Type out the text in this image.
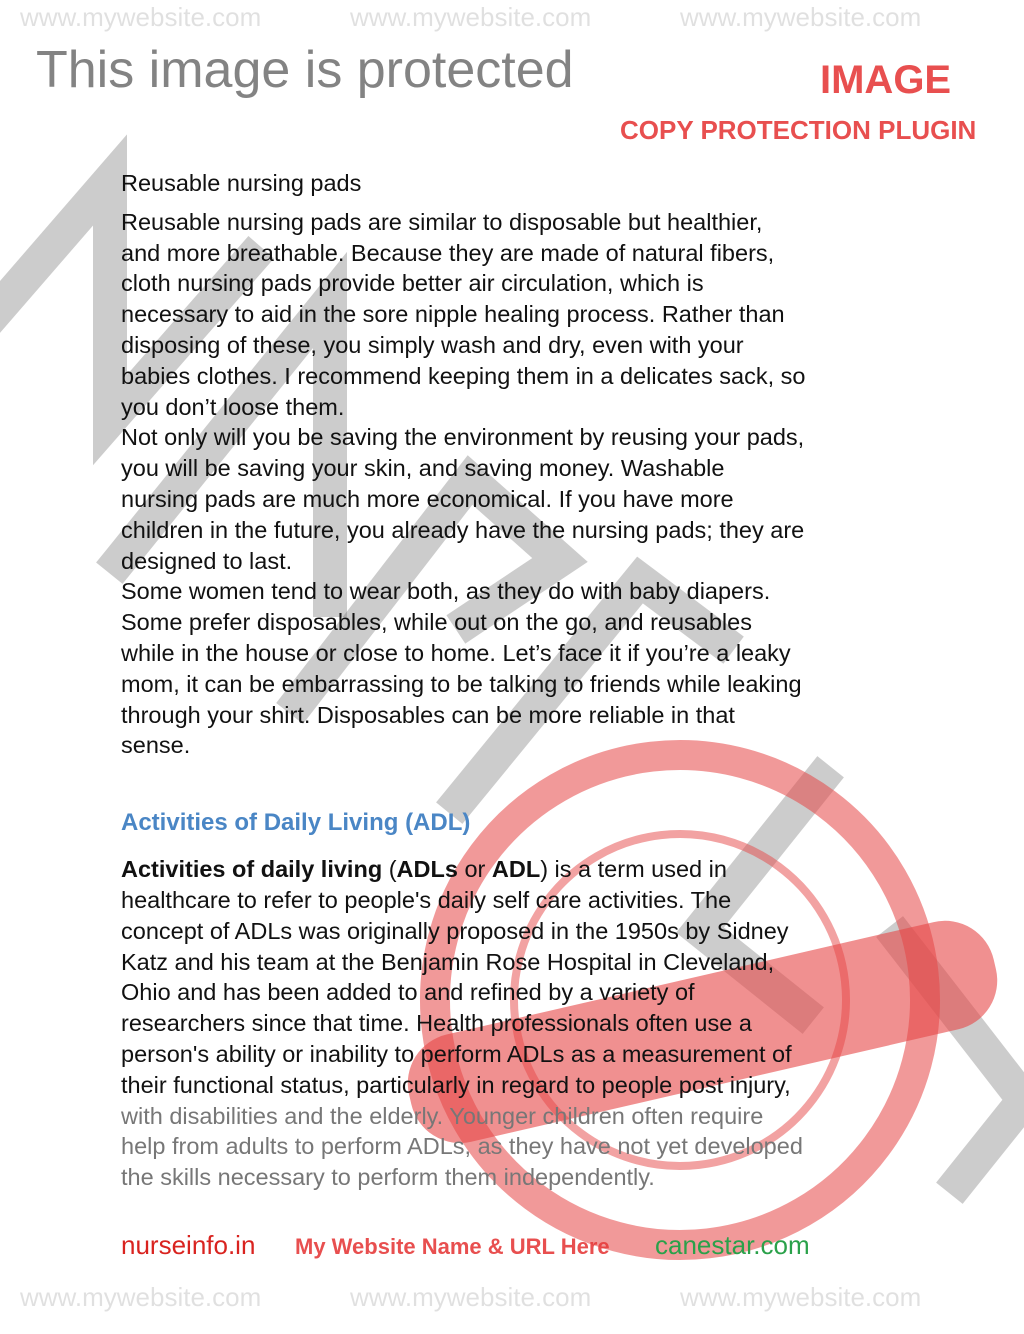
www.mywebsite.com	www.mywebsite.com	www.mywebsite.com
www.mywebsite.com	www.mywebsite.com	www.mywebsite.com
Reusable nursing pads
Reusable nursing pads are similar to disposable but healthier,
and more breathable. Because they are made of natural fibers,
cloth nursing pads provide better air circulation, which is
necessary to aid in the sore nipple healing process. Rather than
disposing of these, you simply wash and dry, even with your
babies clothes. I recommend keeping them in a delicates sack, so
you don’t loose them.
Not only will you be saving the environment by reusing your pads,
you will be saving your skin, and saving money. Washable
nursing pads are much more economical. If you have more
children in the future, you already have the nursing pads; they are
designed to last.
Some women tend to wear both, as they do with baby diapers.
Some prefer disposables, while out on the go, and reusables
while in the house or close to home. Let’s face it if you’re a leaky
mom, it can be embarrassing to be talking to friends while leaking
through your shirt. Disposables can be more reliable in that
sense.
Activities of Daily Living (ADL)
Activities of daily living (ADLs or ADL) is a term used in
healthcare to refer to people's daily self care activities. The
concept of ADLs was originally proposed in the 1950s by Sidney
Katz and his team at the Benjamin Rose Hospital in Cleveland,
Ohio and has been added to and refined by a variety of
researchers since that time. Health professionals often use a
person's ability or inability to perform ADLs as a measurement of
their functional status, particularly in regard to people post injury,
with disabilities and the elderly. Younger children often require
help from adults to perform ADLs, as they have not yet developed
the skills necessary to perform them independently.
This image is protected	IMAGE
COPY PROTECTION PLUGIN
My Website Name & URL Here
nurseinfo.in	canestar.com
